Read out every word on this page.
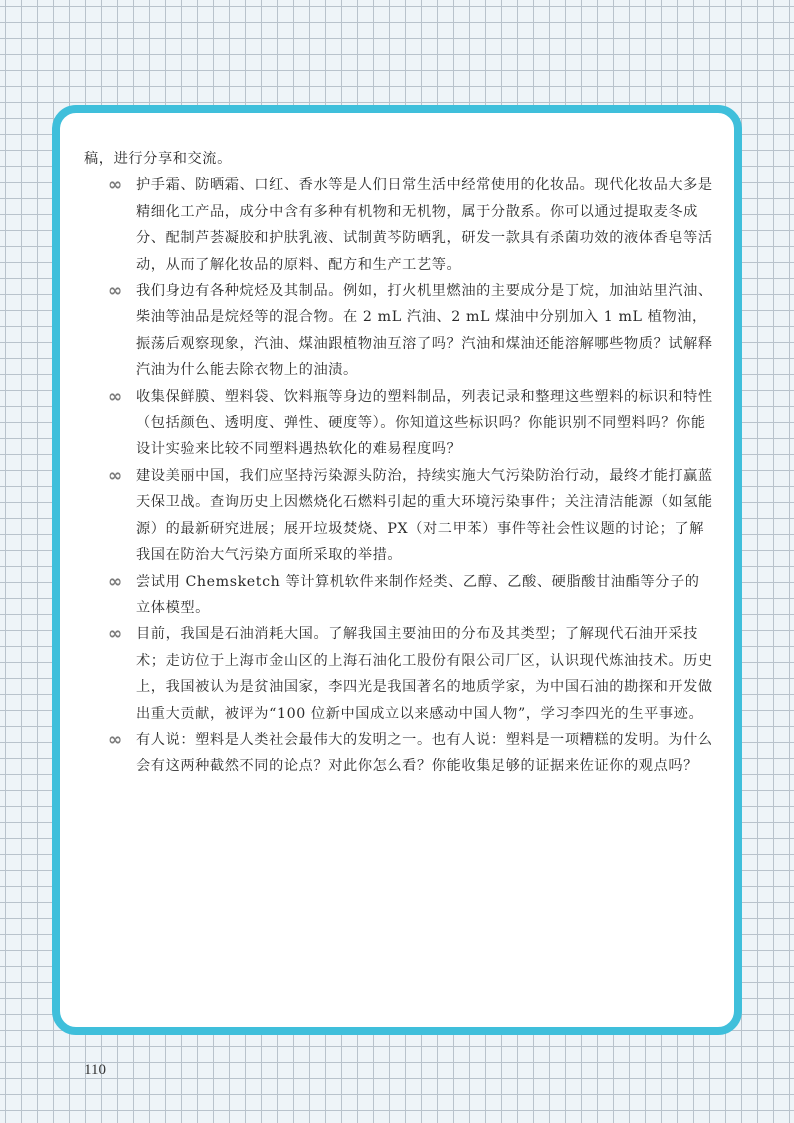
稿，进行分享和交流。

∞ 护手霜、防晒霜、口红、香水等是人们日常生活中经常使用的化妆品。现代化妆品大多是精细化工产品，成分中含有多种有机物和无机物，属于分散系。你可以通过提取麦冬成分、配制芦荟凝胶和护肤乳液、试制黄芩防晒乳，研发一款具有杀菌功效的液体香皂等活动，从而了解化妆品的原料、配方和生产工艺等。

∞ 我们身边有各种烷烃及其制品。例如，打火机里燃油的主要成分是丁烷，加油站里汽油、柴油等油品是烷烃等的混合物。在 2 mL 汽油、2 mL 煤油中分别加入 1 mL 植物油，振荡后观察现象，汽油、煤油跟植物油互溶了吗？汽油和煤油还能溶解哪些物质？试解释汽油为什么能去除衣物上的油渍。

∞ 收集保鲜膜、塑料袋、饮料瓶等身边的塑料制品，列表记录和整理这些塑料的标识和特性（包括颜色、透明度、弹性、硬度等）。你知道这些标识吗？你能识别不同塑料吗？你能设计实验来比较不同塑料遇热软化的难易程度吗？

∞ 建设美丽中国，我们应坚持污染源头防治，持续实施大气污染防治行动，最终才能打赢蓝天保卫战。查询历史上因燃烧化石燃料引起的重大环境污染事件；关注清洁能源（如氢能源）的最新研究进展；展开垃圾焚烧、PX（对二甲苯）事件等社会性议题的讨论；了解我国在防治大气污染方面所采取的举措。

∞ 尝试用 Chemsketch 等计算机软件来制作烃类、乙醇、乙酸、硬脂酸甘油酯等分子的立体模型。

∞ 目前，我国是石油消耗大国。了解我国主要油田的分布及其类型；了解现代石油开采技术；走访位于上海市金山区的上海石油化工股份有限公司厂区，认识现代炼油技术。历史上，我国被认为是贫油国家，李四光是我国著名的地质学家，为中国石油的勘探和开发做出重大贡献，被评为“100 位新中国成立以来感动中国人物”，学习李四光的生平事迹。

∞ 有人说：塑料是人类社会最伟大的发明之一。也有人说：塑料是一项糟糕的发明。为什么会有这两种截然不同的论点？对此你怎么看？你能收集足够的证据来佐证你的观点吗？

110
